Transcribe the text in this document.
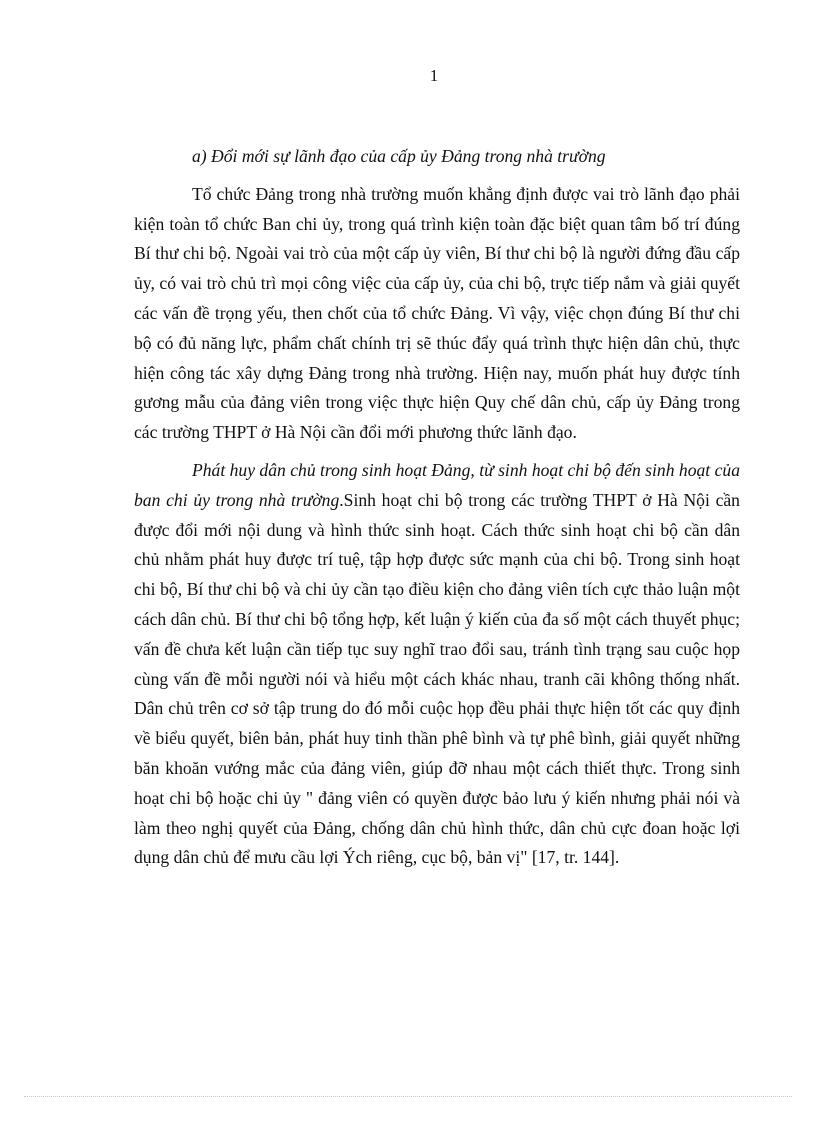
1

a) Đổi mới sự lãnh đạo của cấp ủy Đảng trong nhà trường

Tổ chức Đảng trong nhà trường muốn khẳng định được vai trò lãnh đạo phải kiện toàn tổ chức Ban chi ủy, trong quá trình kiện toàn đặc biệt quan tâm bố trí đúng Bí thư chi bộ. Ngoài vai trò của một cấp ủy viên, Bí thư chi bộ là người đứng đầu cấp ủy, có vai trò chủ trì mọi công việc của cấp ủy, của chi bộ, trực tiếp nắm và giải quyết các vấn đề trọng yếu, then chốt của tổ chức Đảng. Vì vậy, việc chọn đúng Bí thư chi bộ có đủ năng lực, phẩm chất chính trị sẽ thúc đẩy quá trình thực hiện dân chủ, thực hiện công tác xây dựng Đảng trong nhà trường. Hiện nay, muốn phát huy được tính gương mẫu của đảng viên trong việc thực hiện Quy chế dân chủ, cấp ủy Đảng trong các trường THPT ở Hà Nội cần đổi mới phương thức lãnh đạo.

Phát huy dân chủ trong sinh hoạt Đảng, từ sinh hoạt chi bộ đến sinh hoạt của ban chi ủy trong nhà trường.Sinh hoạt chi bộ trong các trường THPT ở Hà Nội cần được đổi mới nội dung và hình thức sinh hoạt. Cách thức sinh hoạt chi bộ cần dân chủ nhằm phát huy được trí tuệ, tập hợp được sức mạnh của chi bộ. Trong sinh hoạt chi bộ, Bí thư chi bộ và chi ủy cần tạo điều kiện cho đảng viên tích cực thảo luận một cách dân chủ. Bí thư chi bộ tổng hợp, kết luận ý kiến của đa số một cách thuyết phục; vấn đề chưa kết luận cần tiếp tục suy nghĩ trao đổi sau, tránh tình trạng sau cuộc họp cùng vấn đề mỗi người nói và hiểu một cách khác nhau, tranh cãi không thống nhất. Dân chủ trên cơ sở tập trung do đó mỗi cuộc họp đều phải thực hiện tốt các quy định về biểu quyết, biên bản, phát huy tinh thần phê bình và tự phê bình, giải quyết những băn khoăn vướng mắc của đảng viên, giúp đỡ nhau một cách thiết thực. Trong sinh hoạt chi bộ hoặc chi ủy " đảng viên có quyền được bảo lưu ý kiến nhưng phải nói và làm theo nghị quyết của Đảng, chống dân chủ hình thức, dân chủ cực đoan hoặc lợi dụng dân chủ để mưu cầu lợi Ých riêng, cục bộ, bản vị" [17, tr. 144].
